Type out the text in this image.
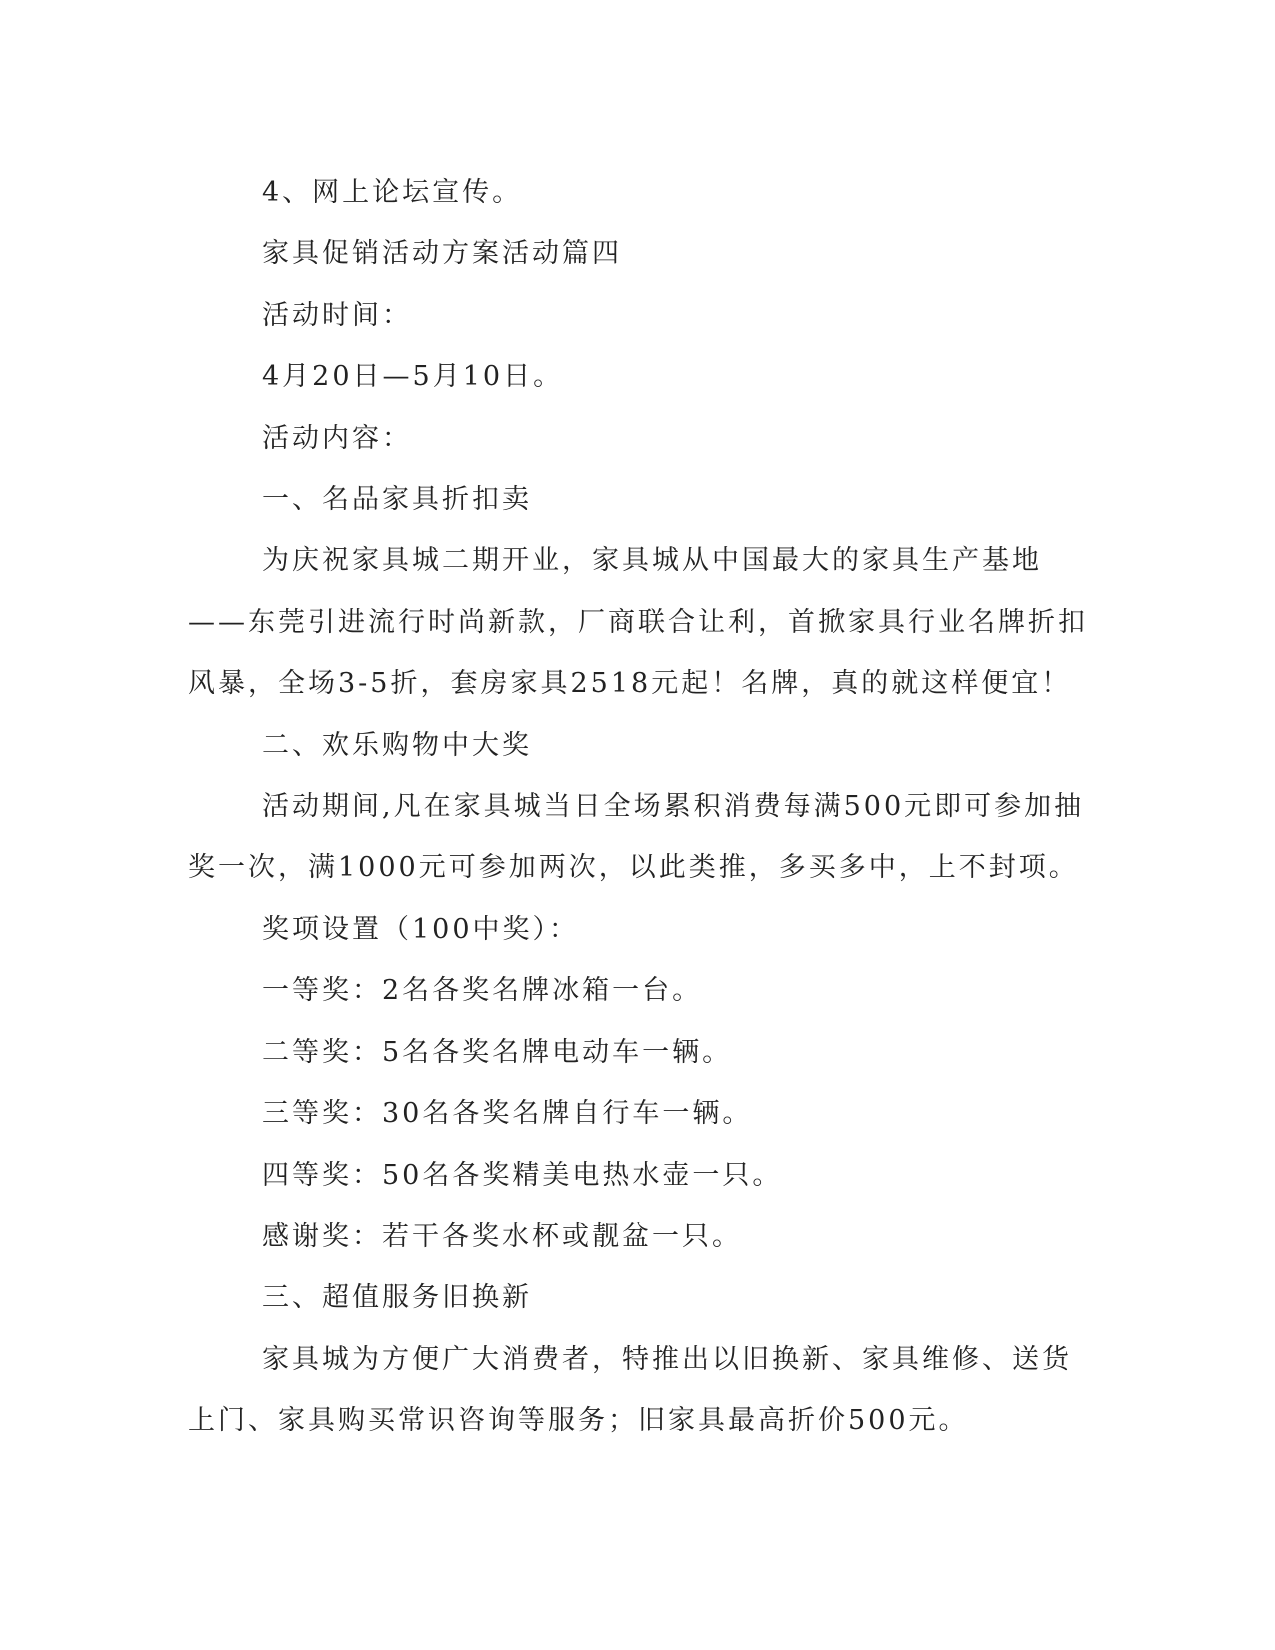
4、网上论坛宣传。

家具促销活动方案活动篇四

活动时间：

4月20日—5月10日。

活动内容：

一、名品家具折扣卖

为庆祝家具城二期开业，家具城从中国最大的家具生产基地——东莞引进流行时尚新款，厂商联合让利，首掀家具行业名牌折扣风暴，全场3-5折，套房家具2518元起！名牌，真的就这样便宜！

二、欢乐购物中大奖

活动期间,凡在家具城当日全场累积消费每满500元即可参加抽奖一次，满1000元可参加两次，以此类推，多买多中，上不封项。

奖项设置（100中奖）：

一等奖：2名各奖名牌冰箱一台。

二等奖：5名各奖名牌电动车一辆。

三等奖：30名各奖名牌自行车一辆。

四等奖：50名各奖精美电热水壶一只。

感谢奖：若干各奖水杯或靓盆一只。

三、超值服务旧换新

家具城为方便广大消费者，特推出以旧换新、家具维修、送货上门、家具购买常识咨询等服务；旧家具最高折价500元。
